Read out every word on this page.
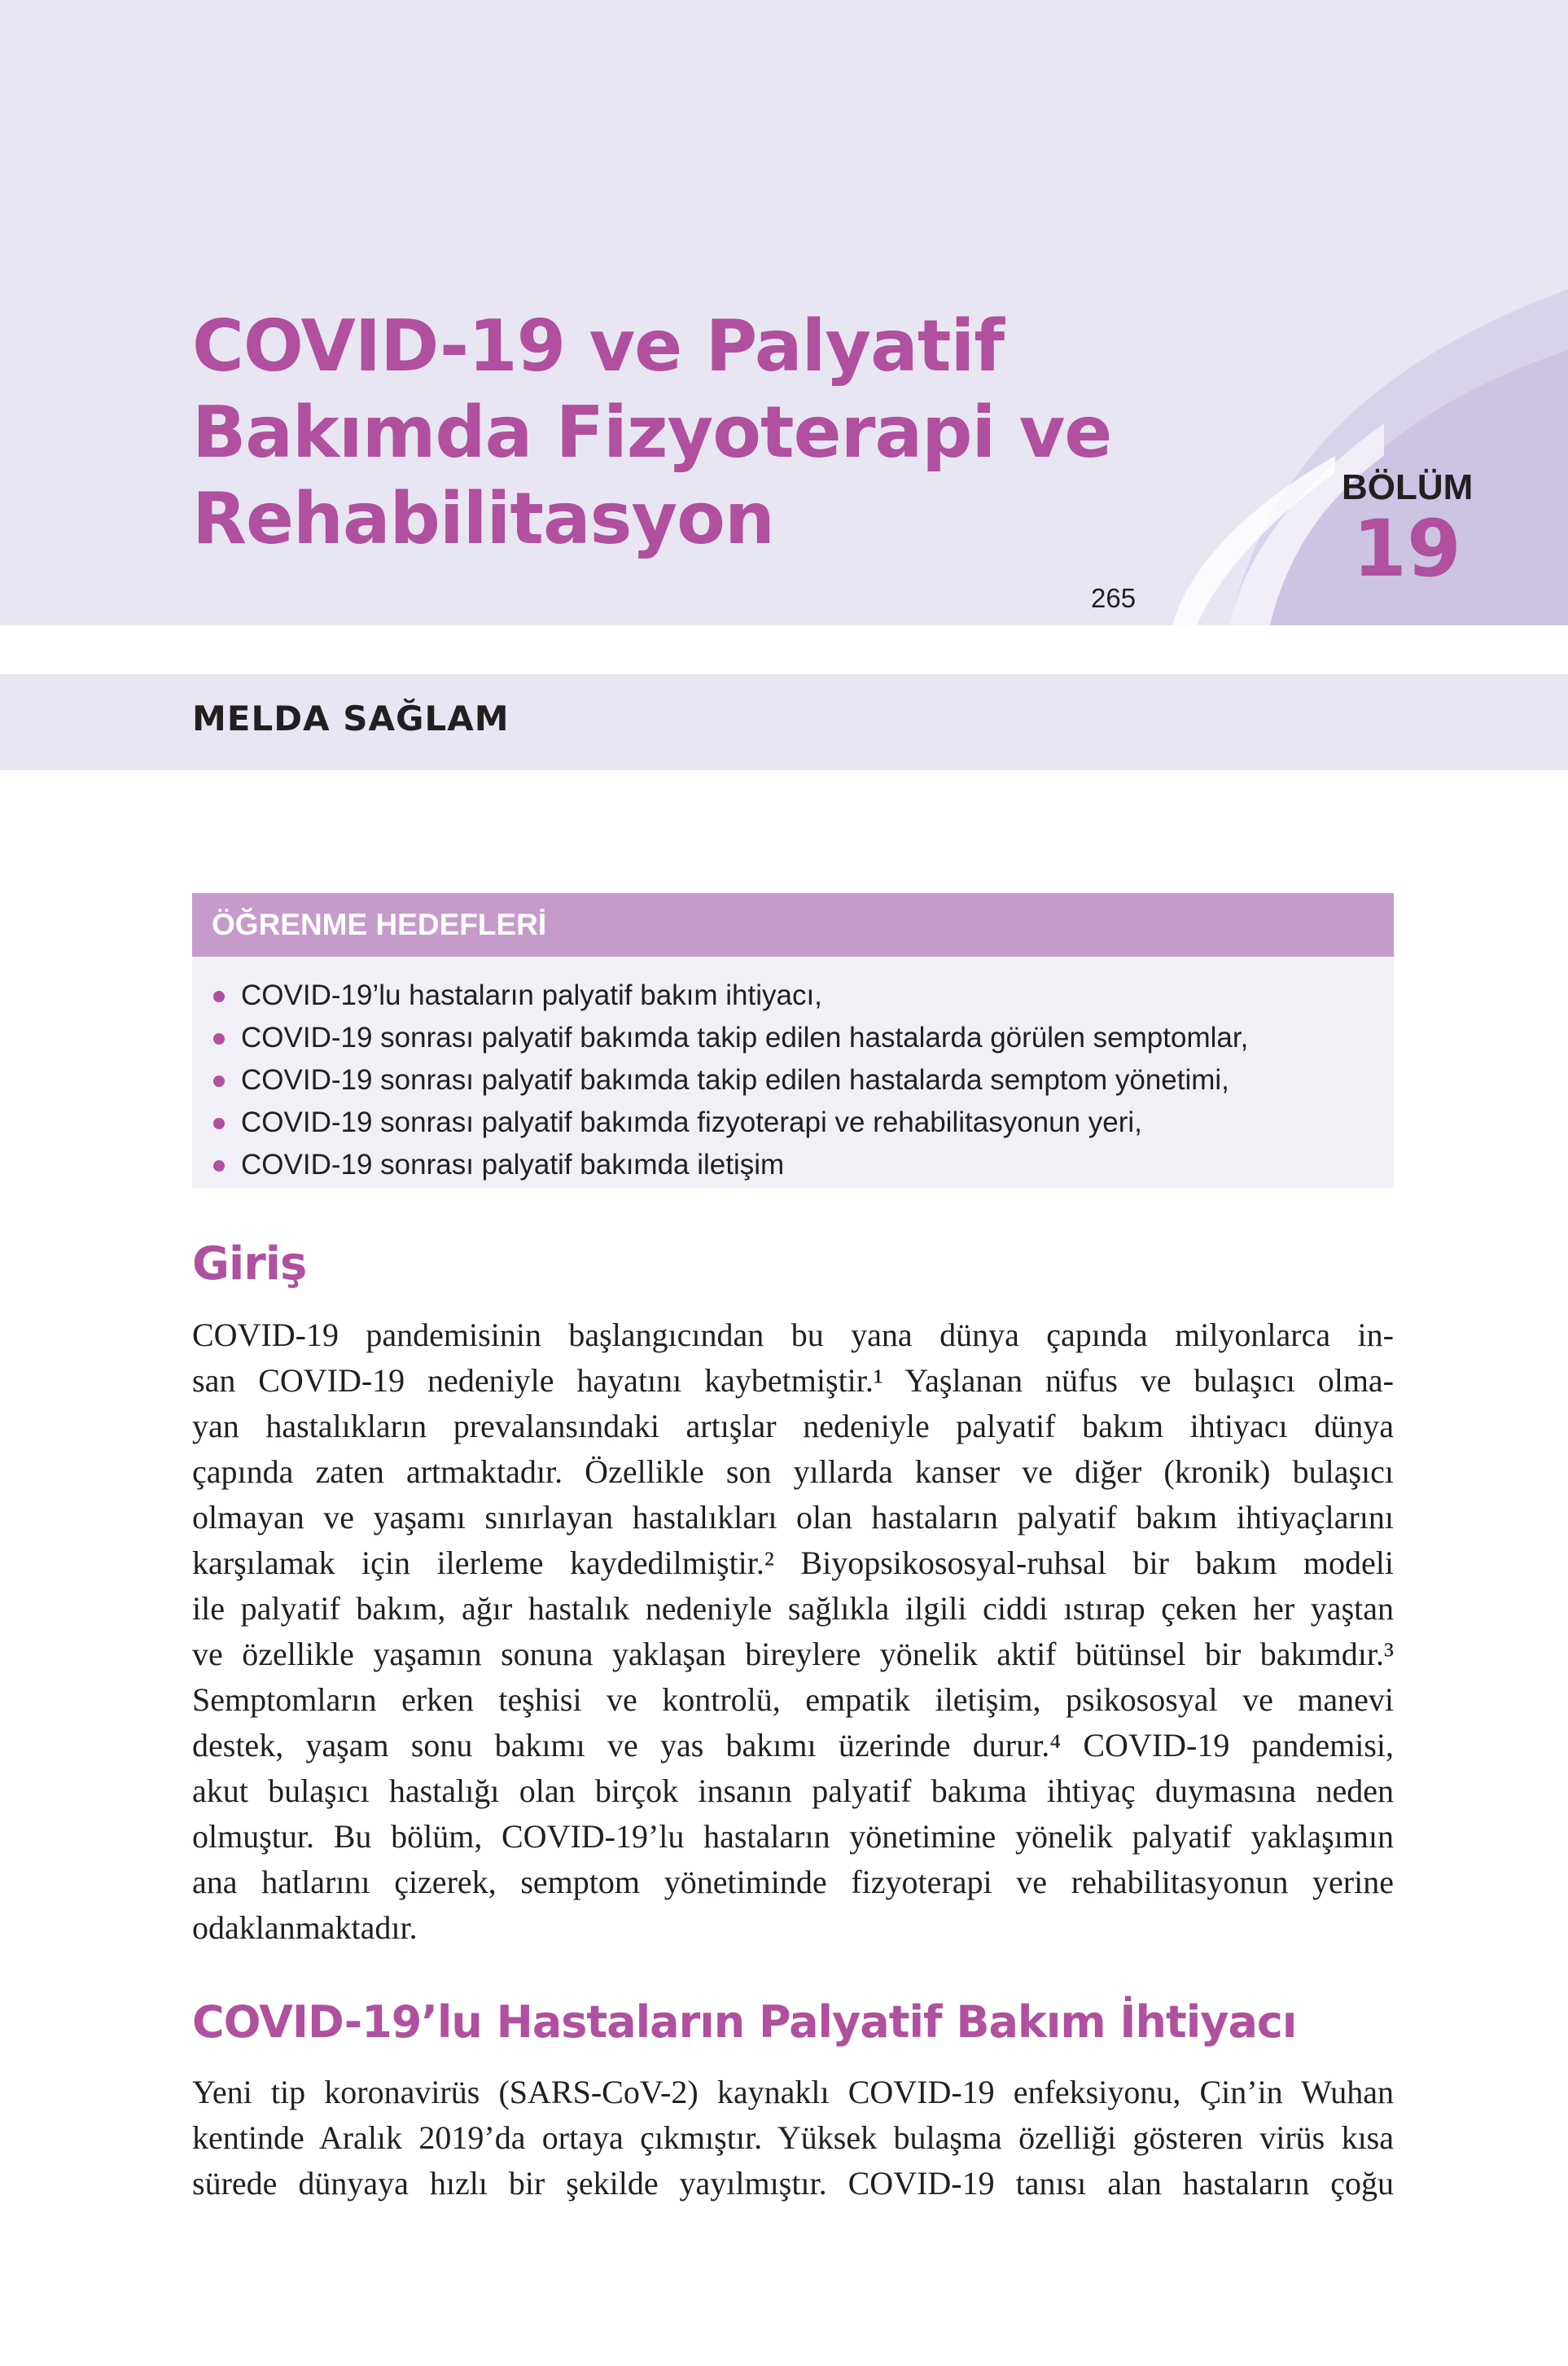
COVID-19 ve Palyatif
Bakımda Fizyoterapi ve
Rehabilitasyon	BÖLÜM
19
265
MELDA SAĞLAM
ÖĞRENME HEDEFLERİ
COVID-19’lu hastaların palyatif bakım ihtiyacı,
COVID-19 sonrası palyatif bakımda takip edilen hastalarda görülen semptomlar,
COVID-19 sonrası palyatif bakımda takip edilen hastalarda semptom yönetimi,
COVID-19 sonrası palyatif bakımda fizyoterapi ve rehabilitasyonun yeri,
COVID-19 sonrası palyatif bakımda iletişim
Giriş
COVID-19 pandemisinin başlangıcından bu yana dünya çapında milyonlarca in-
san COVID-19 nedeniyle hayatını kaybetmiştir.¹ Yaşlanan nüfus ve bulaşıcı olma-
yan hastalıkların prevalansındaki artışlar nedeniyle palyatif bakım ihtiyacı dünya
çapında zaten artmaktadır. Özellikle son yıllarda kanser ve diğer (kronik) bulaşıcı
olmayan ve yaşamı sınırlayan hastalıkları olan hastaların palyatif bakım ihtiyaçlarını
karşılamak için ilerleme kaydedilmiştir.² Biyopsikososyal-ruhsal bir bakım modeli
ile palyatif bakım, ağır hastalık nedeniyle sağlıkla ilgili ciddi ıstırap çeken her yaştan
ve özellikle yaşamın sonuna yaklaşan bireylere yönelik aktif bütünsel bir bakımdır.³
Semptomların erken teşhisi ve kontrolü, empatik iletişim, psikososyal ve manevi
destek, yaşam sonu bakımı ve yas bakımı üzerinde durur.⁴ COVID-19 pandemisi,
akut bulaşıcı hastalığı olan birçok insanın palyatif bakıma ihtiyaç duymasına neden
olmuştur. Bu bölüm, COVID-19’lu hastaların yönetimine yönelik palyatif yaklaşımın
ana hatlarını çizerek, semptom yönetiminde fizyoterapi ve rehabilitasyonun yerine
odaklanmaktadır.
COVID-19’lu Hastaların Palyatif Bakım İhtiyacı
Yeni tip koronavirüs (SARS-CoV-2) kaynaklı COVID-19 enfeksiyonu, Çin’in Wuhan
kentinde Aralık 2019’da ortaya çıkmıştır. Yüksek bulaşma özelliği gösteren virüs kısa
sürede dünyaya hızlı bir şekilde yayılmıştır. COVID-19 tanısı alan hastaların çoğu
